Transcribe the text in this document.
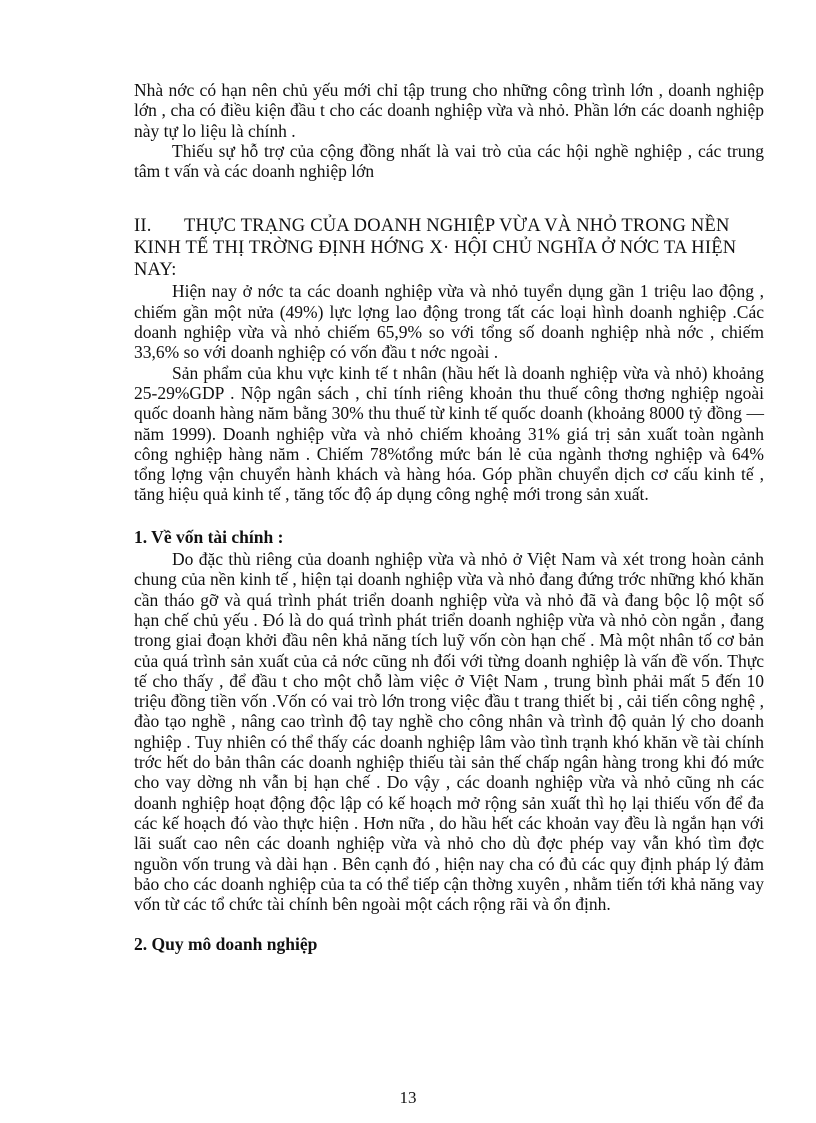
Nhà nớc có hạn nên chủ yếu mới chỉ tập trung cho những công trình lớn , doanh nghiệp lớn , cha có điều kiện đầu t cho các doanh nghiệp vừa và nhỏ. Phần lớn các doanh nghiệp này tự lo liệu là chính .

Thiếu sự hỗ trợ của cộng đồng nhất là vai trò của các hội nghề nghiệp , các trung tâm t vấn và các doanh nghiệp lớn

II. THỰC TRẠNG CỦA DOANH NGHIỆP VỪA VÀ NHỎ TRONG NỀN KINH TẾ THỊ TRỜNG ĐỊNH HỚNG X· HỘI CHỦ NGHĨA Ở NỚC TA HIỆN NAY:

Hiện nay ở nớc ta các doanh nghiệp vừa và nhỏ tuyển dụng gần 1 triệu lao động , chiếm gần một nửa (49%) lực lợng lao động trong tất các loại hình doanh nghiệp .Các doanh nghiệp vừa và nhỏ chiếm 65,9% so với tổng số doanh nghiệp nhà nớc , chiếm 33,6% so với doanh nghiệp có vốn đầu t nớc ngoài .

Sản phẩm của khu vực kinh tế t nhân (hầu hết là doanh nghiệp vừa và nhỏ) khoảng 25-29%GDP . Nộp ngân sách , chỉ tính riêng khoản thu thuế công thơng nghiệp ngoài quốc doanh hàng năm bằng 30% thu thuế từ kinh tế quốc doanh (khoảng 8000 tỷ đồng —năm 1999). Doanh nghiệp vừa và nhỏ chiếm khoảng 31% giá trị sản xuất toàn ngành công nghiệp hàng năm . Chiếm 78%tổng mức bán lẻ của ngành thơng nghiệp và 64% tổng lợng vận chuyển hành khách và hàng hóa. Góp phần chuyển dịch cơ cấu kinh tế , tăng hiệu quả kinh tế , tăng tốc độ áp dụng công nghệ mới trong sản xuất.

1. Về vốn tài chính :

Do đặc thù riêng của doanh nghiệp vừa và nhỏ ở Việt Nam và xét trong hoàn cảnh chung của nền kinh tế , hiện tại doanh nghiệp vừa và nhỏ đang đứng trớc những khó khăn cần tháo gỡ và quá trình phát triển doanh nghiệp vừa và nhỏ đã và đang bộc lộ một số hạn chế chủ yếu . Đó là do quá trình phát triển doanh nghiệp vừa và nhỏ còn ngắn , đang trong giai đoạn khởi đầu nên khả năng tích luỹ vốn còn hạn chế . Mà một nhân tố cơ bản của quá trình sản xuất của cả nớc cũng nh đối với từng doanh nghiệp là vấn đề vốn. Thực tế cho thấy , để đầu t cho một chỗ làm việc ở Việt Nam , trung bình phải mất 5 đến 10 triệu đồng tiền vốn .Vốn có vai trò lớn trong việc đầu t trang thiết bị , cải tiến công nghệ , đào tạo nghề , nâng cao trình độ tay nghề cho công nhân và trình độ quản lý cho doanh nghiệp . Tuy nhiên có thể thấy các doanh nghiệp lâm vào tình trạnh khó khăn về tài chính trớc hết do bản thân các doanh nghiệp thiếu tài sản thế chấp ngân hàng trong khi đó mức cho vay dờng nh vẫn bị hạn chế . Do vậy , các doanh nghiệp vừa và nhỏ cũng nh các doanh nghiệp hoạt động độc lập có kế hoạch mở rộng sản xuất thì họ lại thiếu vốn để đa các kế hoạch đó vào thực hiện . Hơn nữa , do hầu hết các khoản vay đều là ngắn hạn với lãi suất cao nên các doanh nghiệp vừa và nhỏ cho dù đợc phép vay vẫn khó tìm đợc nguồn vốn trung và dài hạn . Bên cạnh đó , hiện nay cha có đủ các quy định pháp lý đảm bảo cho các doanh nghiệp của ta có thể tiếp cận thờng xuyên , nhằm tiến tới khả năng vay vốn từ các tổ chức tài chính bên ngoài một cách rộng rãi và ổn định.

2. Quy mô doanh nghiệp
13
